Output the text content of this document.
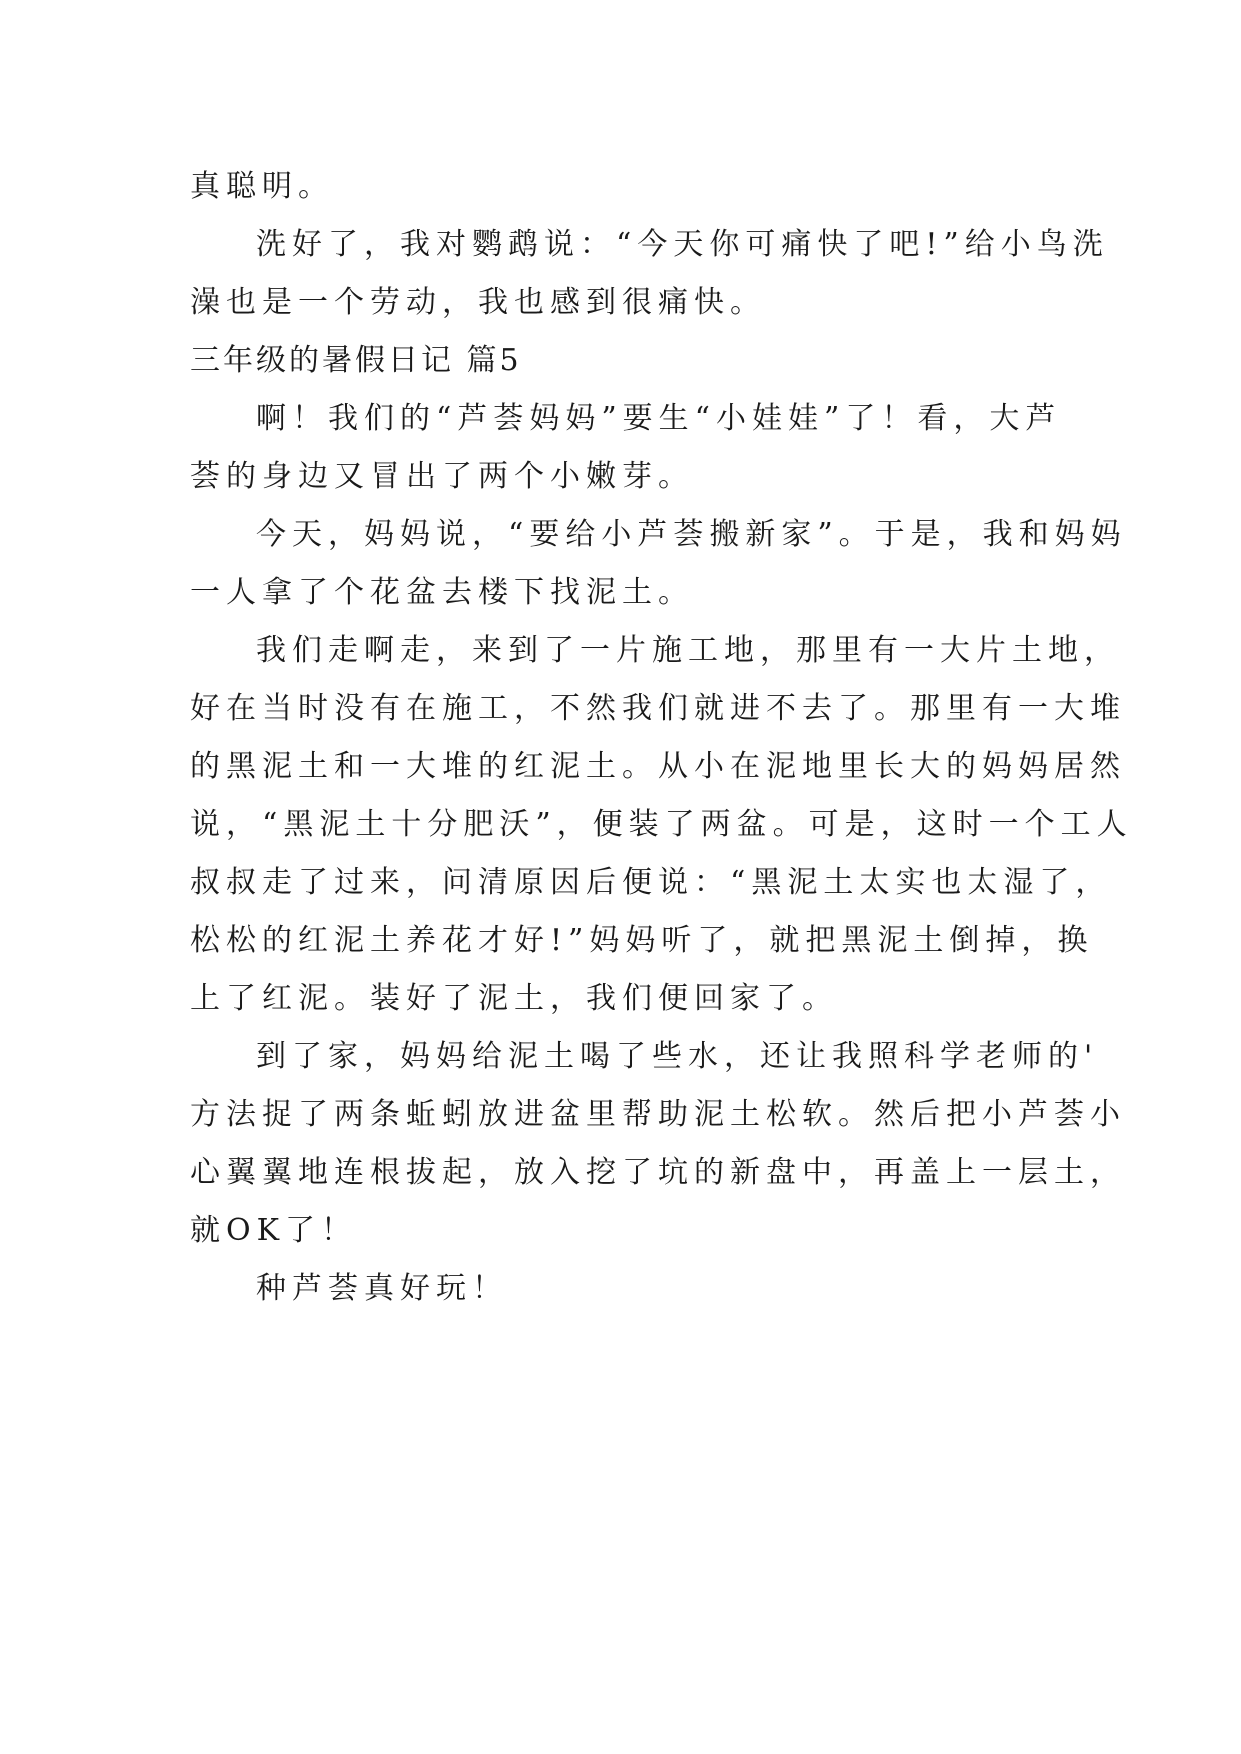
真聪明。

洗好了，我对鹦鹉说：“今天你可痛快了吧!”给小鸟洗

澡也是一个劳动，我也感到很痛快。

三年级的暑假日记 篇5

啊！我们的“芦荟妈妈”要生“小娃娃”了！看，大芦

荟的身边又冒出了两个小嫩芽。

今天，妈妈说，“要给小芦荟搬新家”。于是，我和妈妈

一人拿了个花盆去楼下找泥土。

我们走啊走，来到了一片施工地，那里有一大片土地，

好在当时没有在施工，不然我们就进不去了。那里有一大堆

的黑泥土和一大堆的红泥土。从小在泥地里长大的妈妈居然

说，“黑泥土十分肥沃”，便装了两盆。可是，这时一个工人

叔叔走了过来，问清原因后便说：“黑泥土太实也太湿了，

松松的红泥土养花才好!”妈妈听了，就把黑泥土倒掉，换

上了红泥。装好了泥土，我们便回家了。

到了家，妈妈给泥土喝了些水，还让我照科学老师的'

方法捉了两条蚯蚓放进盆里帮助泥土松软。然后把小芦荟小

心翼翼地连根拔起，放入挖了坑的新盘中，再盖上一层土，

就OK了！

种芦荟真好玩！
